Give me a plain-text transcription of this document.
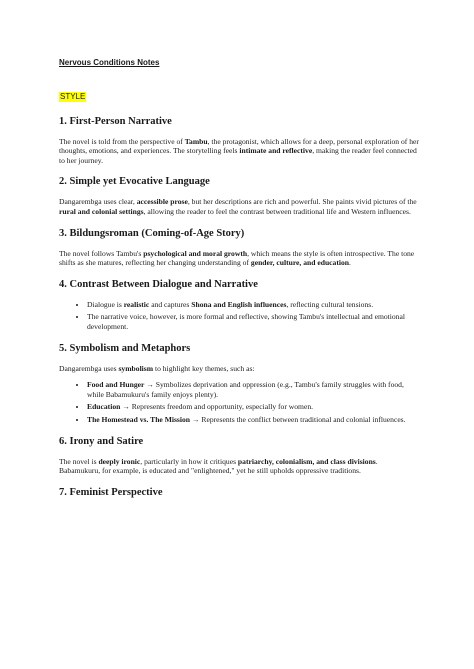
Nervous Conditions Notes

STYLE
1. First-Person Narrative

The novel is told from the perspective of Tambu, the protagonist, which allows for a deep, personal exploration of her thoughts, emotions, and experiences. The storytelling feels intimate and reflective, making the reader feel connected to her journey.

2. Simple yet Evocative Language

Dangarembga uses clear, accessible prose, but her descriptions are rich and powerful. She paints vivid pictures of the rural and colonial settings, allowing the reader to feel the contrast between traditional life and Western influences.

3. Bildungsroman (Coming-of-Age Story)

The novel follows Tambu's psychological and moral growth, which means the style is often introspective. The tone shifts as she matures, reflecting her changing understanding of gender, culture, and education.

4. Contrast Between Dialogue and Narrative
• Dialogue is realistic and captures Shona and English influences, reflecting cultural tensions.
• The narrative voice, however, is more formal and reflective, showing Tambu's intellectual and emotional development.
5. Symbolism and Metaphors

Dangarembga uses symbolism to highlight key themes, such as:

• Food and Hunger → Symbolizes deprivation and oppression (e.g., Tambu's family struggles with food, while Babamukuru's family enjoys plenty).
• Education → Represents freedom and opportunity, especially for women.
• The Homestead vs. The Mission → Represents the conflict between traditional and colonial influences.
6. Irony and Satire

The novel is deeply ironic, particularly in how it critiques patriarchy, colonialism, and class divisions. Babamukuru, for example, is educated and "enlightened," yet he still upholds oppressive traditions.

7. Feminist Perspective
